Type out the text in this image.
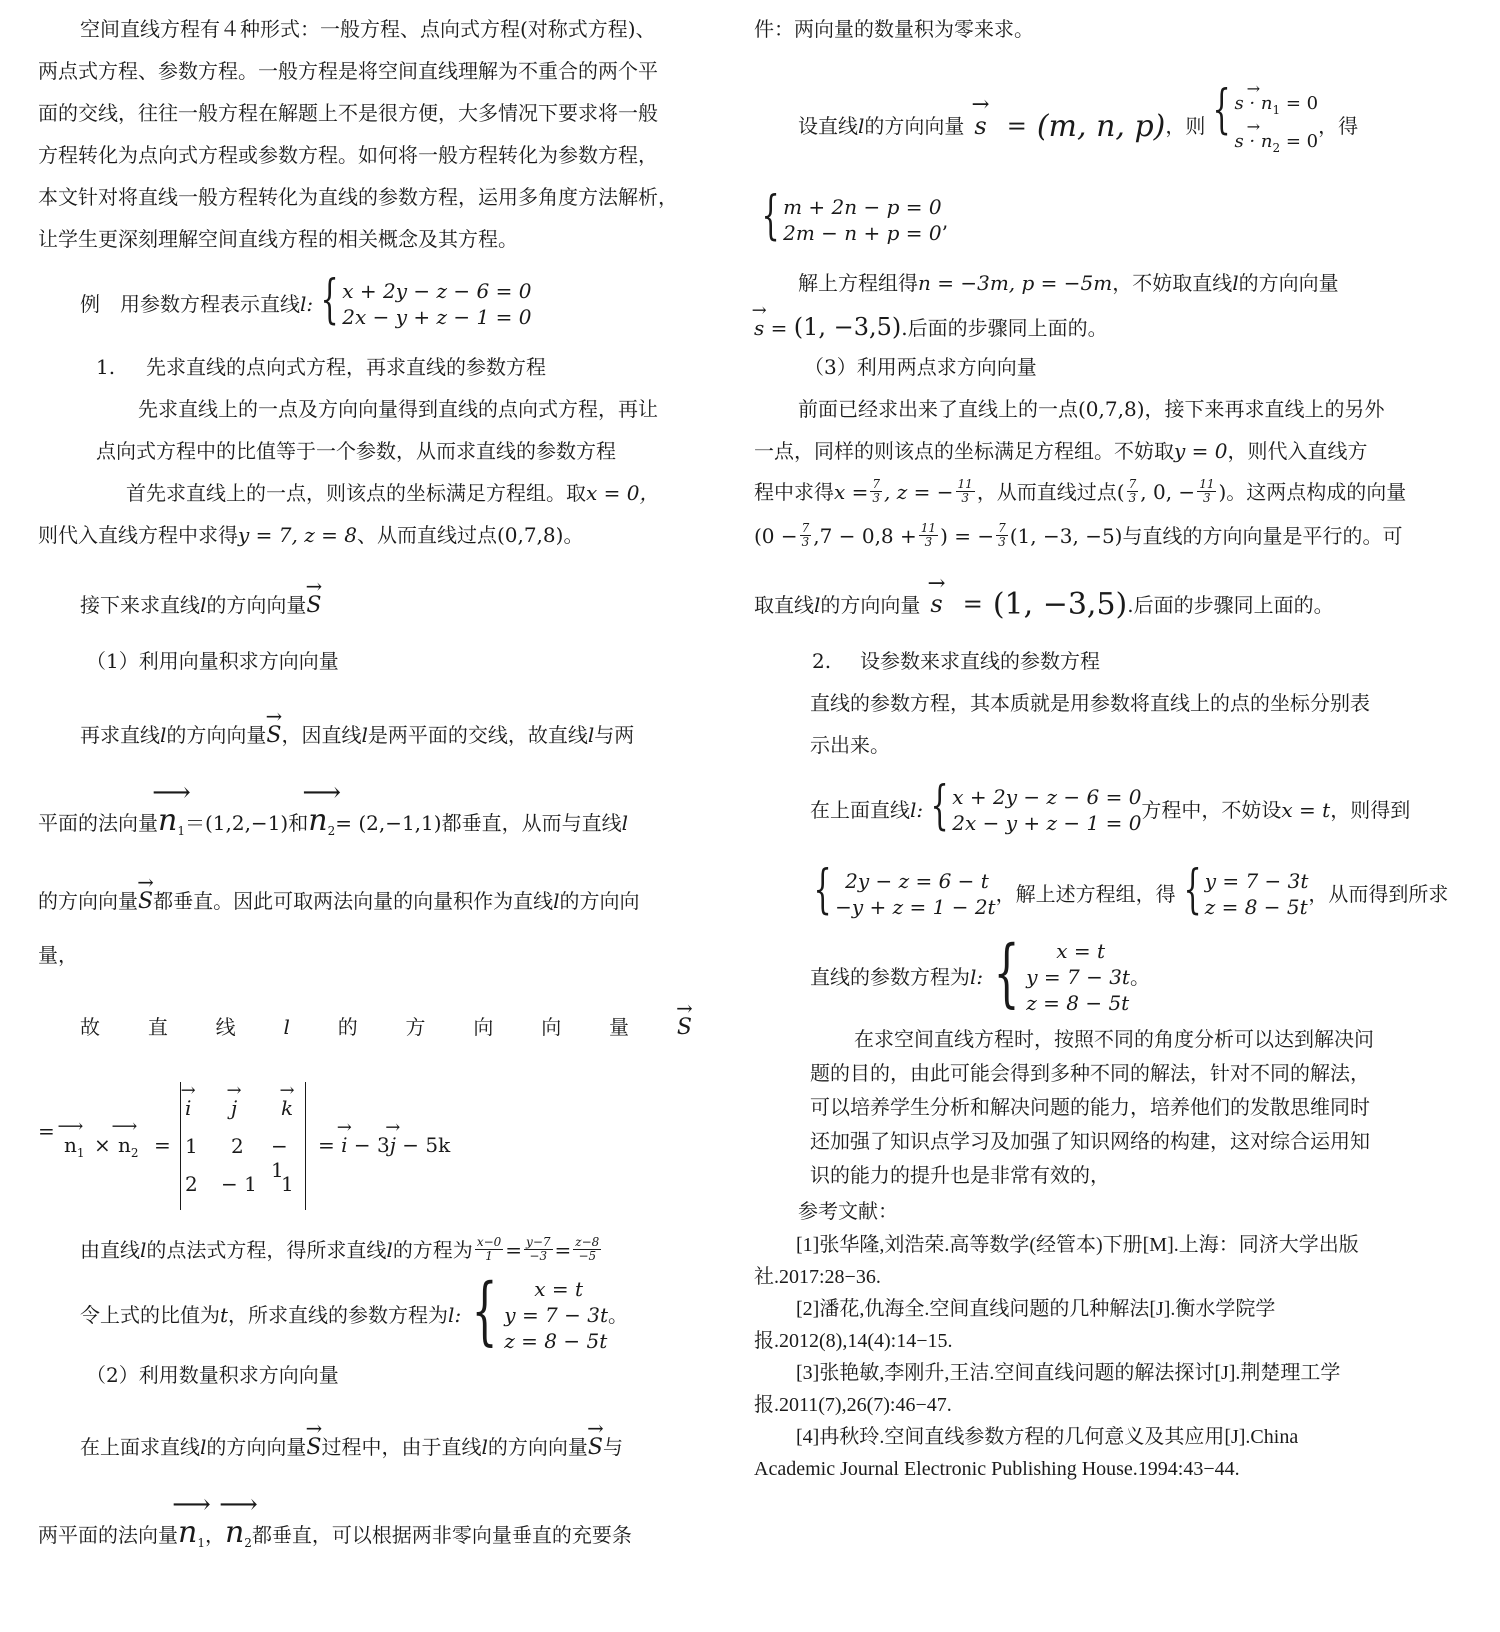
空间直线方程有４种形式：一般方程、点向式方程(对称式方程)、
两点式方程、参数方程。一般方程是将空间直线理解为不重合的两个平
面的交线，往往一般方程在解题上不是很方便，大多情况下要求将一般
方程转化为点向式方程或参数方程。如何将一般方程转化为参数方程，
本文针对将直线一般方程转化为直线的参数方程，运用多角度方法解析，
让学生更深刻理解空间直线方程的相关概念及其方程。
例　用参数方程表示直线 l: { x + 2y − z − 6 = 0
2x − y + z − 1 = 0
1. 先求直线的点向式方程，再求直线的参数方程
先求直线上的一点及方向向量得到直线的点向式方程，再让
点向式方程中的比值等于一个参数，从而求直线的参数方程
首先求直线上的一点，则该点的坐标满足方程组。取x = 0，
则代入直线方程中求得y = 7, z = 8、从而直线过点(0,7,8)。
接下来求直线l的方向向量→ S
（1）利用向量积求方向向量
再求直线l的方向向量→ S，因直线l是两平面的交线，故直线l与两
平面的法向量⟶ $n_1=(1,2,-1)$和⟶ $n_2= (2,-1,1)$都垂直，从而与直线l
的方向向量→ S都垂直。因此可取两法向量的向量积作为直线l的方向向
量，
故 直 线 l 的 方 向 向 量 → S
=
⟶ $n_1$ × ⟶ $n_2$ =
→ i → j → k
1 2 − 1
2 − 1 1
= → i − 3→ j − 5k
由直线 l 的点法式方程，得所求直线 l 的方程为 $\frac{x-0}{1} = \frac{y-7}{-3} = \frac{z-8}{-5}$
令上式的比值为 t ，所求直线的参数方程为 l: {	x = t
y = 7 − 3t。
z = 8 − 5t
（2）利用数量积求方向向量
在上面求直线l的方向向量→ S过程中，由于直线l的方向向量→ S与
两平面的法向量⟶ $n_1$，⟶ $n_2$都垂直，可以根据两非零向量垂直的充要条
件：两向量的数量积为零来求。
设直线 l 的方向向量 → s = (m, n, p) ，则 { → $s \cdot n_1 = 0$
→ $s \cdot n_2 = 0$
，得
{ m + 2n − p = 0
2m − n + p = 0’
解上方程组得n = −3m, p = −5m，不妨取直线l的方向向量
→ s = (1, −3,5).后面的步骤同上面的。
（3）利用两点求方向向量
前面已经求出来了直线上的一点(0,7,8)，接下来再求直线上的另外
一点，同样的则该点的坐标满足方程组。不妨取y = 0，则代入直线方
程中求得 $x = \frac{7}{3}$ , z = − $\frac{11}{3}$ ，从而直线过点( $\frac{7}{3}$ , 0, − $\frac{11}{3}$ )。这两点构成的向量
($0 - \frac{7}{3} ,7 - 0,8 + \frac{11}{3}$ ) = − $\frac{7}{3} (1$, −3, −5)与直线的方向向量是平行的。可
取直线 l 的方向向量 → s = (1, −3,5) .后面的步骤同上面的。
2. 设参数来求直线的参数方程
直线的参数方程，其本质就是用参数将直线上的点的坐标分别表
示出来。
在上面直线 l: { x + 2y − z − 6 = 0
2x − y + z − 1 = 0
方程中，不妨设 x = t ，则得到
{ 2y − z = 6 − t
−y + z = 1 − 2t
，解上述方程组，得 { y = 7 − 3t
z = 8 − 5t
，从而得到所求
直线的参数方程为 l: {	x = t
y = 7 − 3t。
z = 8 − 5t
在求空间直线方程时，按照不同的角度分析可以达到解决问
题的目的，由此可能会得到多种不同的解法，针对不同的解法，
可以培养学生分析和解决问题的能力，培养他们的发散思维同时
还加强了知识点学习及加强了知识网络的构建，这对综合运用知
识的能力的提升也是非常有效的，
参考文献：
[1]张华隆,刘浩荣.高等数学(经管本)下册[M].上海：同济大学出版
社.2017:28−36.
[2]潘花,仇海全.空间直线问题的几种解法[J].衡水学院学
报.2012(8),14(4):14−15.
[3]张艳敏,李刚升,王洁.空间直线问题的解法探讨[J].荆楚理工学
报.2011(7),26(7):46−47.
[4]冉秋玲.空间直线参数方程的几何意义及其应用[J].China
Academic Journal Electronic Publishing House.1994:43−44.
